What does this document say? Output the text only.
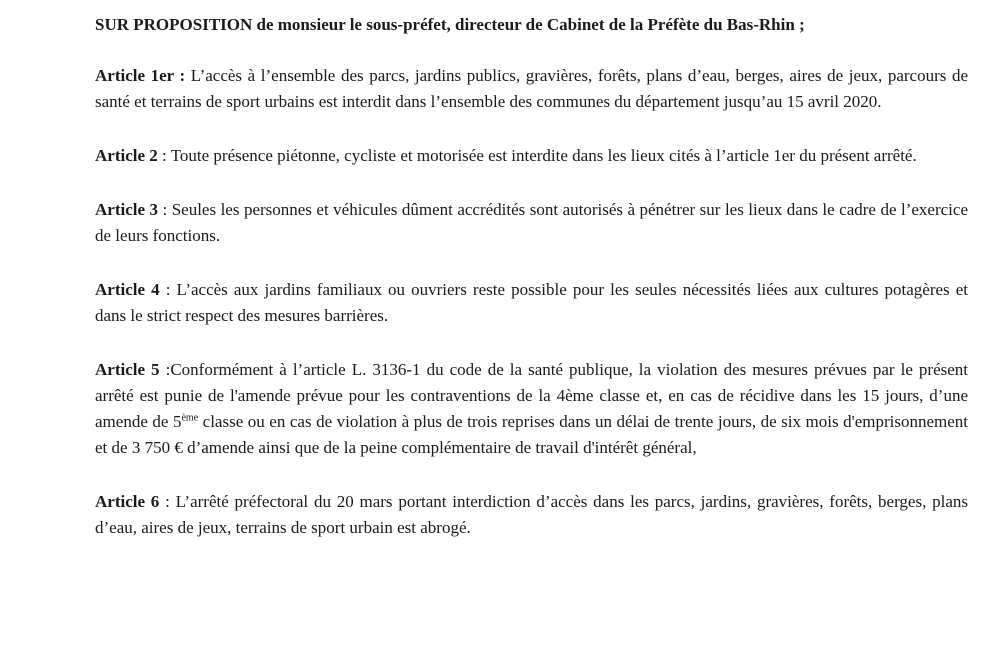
SUR PROPOSITION de monsieur le sous-préfet, directeur de Cabinet de la Préfète du Bas-Rhin ;

Article 1er : L’accès à l’ensemble des parcs, jardins publics, gravières, forêts, plans d’eau, berges, aires de jeux, parcours de santé et terrains de sport urbains est interdit dans l’ensemble des communes du département jusqu’au 15 avril 2020.

Article 2 : Toute présence piétonne, cycliste et motorisée est interdite dans les lieux cités à l’article 1er du présent arrêté.

Article 3 : Seules les personnes et véhicules dûment accrédités sont autorisés à pénétrer sur les lieux dans le cadre de l’exercice de leurs fonctions.

Article 4 : L’accès aux jardins familiaux ou ouvriers reste possible pour les seules nécessités liées aux cultures potagères et dans le strict respect des mesures barrières.

Article 5 :Conformément à l’article L. 3136-1 du code de la santé publique, la violation des mesures prévues par le présent arrêté est punie de l'amende prévue pour les contraventions de la 4ème classe et, en cas de récidive dans les 15 jours, d’une amende de 5ème classe ou en cas de violation à plus de trois reprises dans un délai de trente jours, de six mois d'emprisonnement et de 3 750 € d’amende ainsi que de la peine complémentaire de travail d'intérêt général,

Article 6 : L’arrêté préfectoral du 20 mars portant interdiction d’accès dans les parcs, jardins, gravières, forêts, berges, plans d’eau, aires de jeux, terrains de sport urbain est abrogé.
